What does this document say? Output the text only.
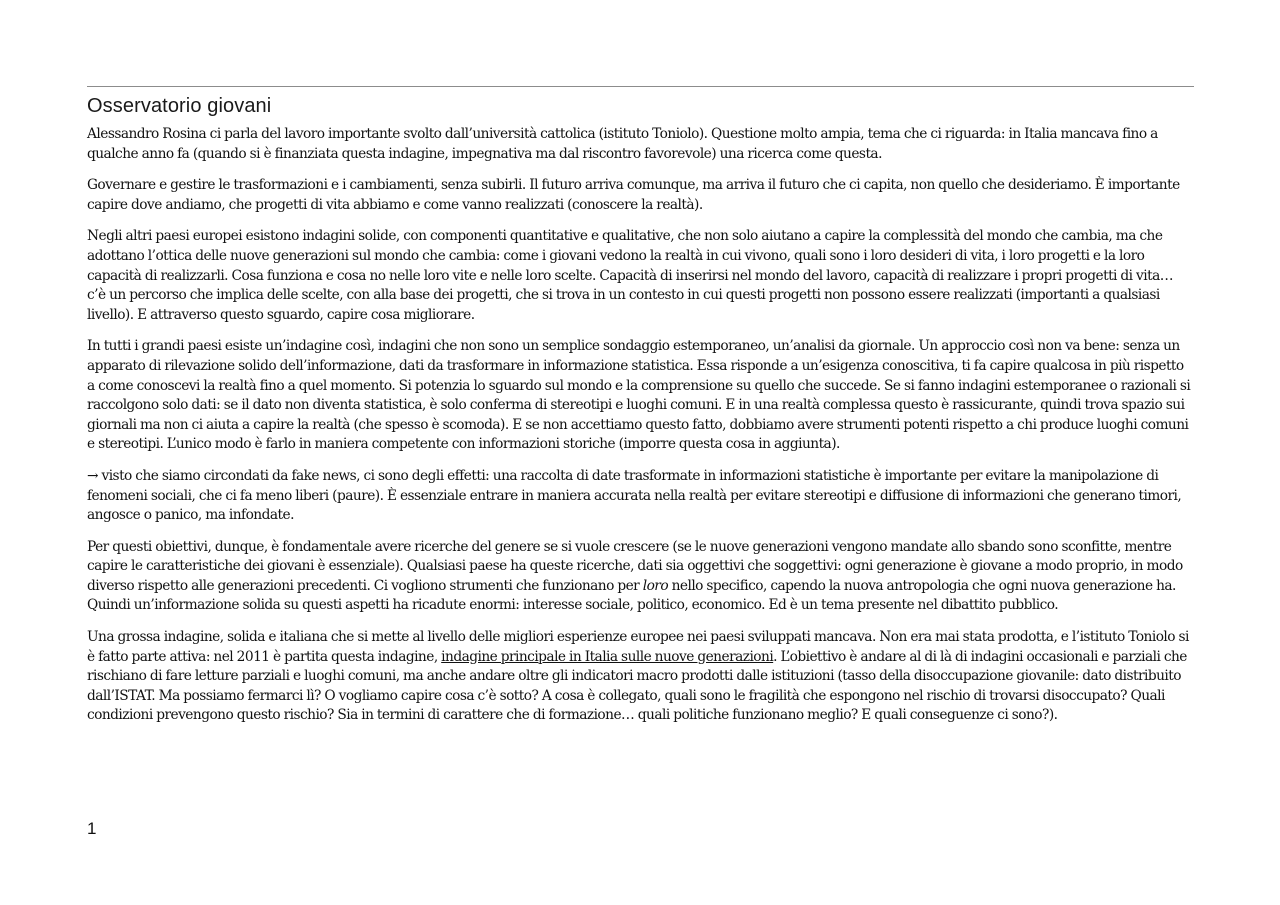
Osservatorio giovani

Alessandro Rosina ci parla del lavoro importante svolto dall’università cattolica (istituto Toniolo). Questione molto ampia, tema che ci riguarda: in Italia mancava fino a qualche anno fa (quando si è finanziata questa indagine, impegnativa ma dal riscontro favorevole) una ricerca come questa.

Governare e gestire le trasformazioni e i cambiamenti, senza subirli. Il futuro arriva comunque, ma arriva il futuro che ci capita, non quello che desideriamo. È importante capire dove andiamo, che progetti di vita abbiamo e come vanno realizzati (conoscere la realtà).

Negli altri paesi europei esistono indagini solide, con componenti quantitative e qualitative, che non solo aiutano a capire la complessità del mondo che cambia, ma che adottano l’ottica delle nuove generazioni sul mondo che cambia: come i giovani vedono la realtà in cui vivono, quali sono i loro desideri di vita, i loro progetti e la loro capacità di realizzarli. Cosa funziona e cosa no nelle loro vite e nelle loro scelte. Capacità di inserirsi nel mondo del lavoro, capacità di realizzare i propri progetti di vita… c’è un percorso che implica delle scelte, con alla base dei progetti, che si trova in un contesto in cui questi progetti non possono essere realizzati (importanti a qualsiasi livello). E attraverso questo sguardo, capire cosa migliorare.

In tutti i grandi paesi esiste un’indagine così, indagini che non sono un semplice sondaggio estemporaneo, un’analisi da giornale. Un approccio così non va bene: senza un apparato di rilevazione solido dell’informazione, dati da trasformare in informazione statistica. Essa risponde a un’esigenza conoscitiva, ti fa capire qualcosa in più rispetto a come conoscevi la realtà fino a quel momento. Si potenzia lo sguardo sul mondo e la comprensione su quello che succede. Se si fanno indagini estemporanee o razionali si raccolgono solo dati: se il dato non diventa statistica, è solo conferma di stereotipi e luoghi comuni. E in una realtà complessa questo è rassicurante, quindi trova spazio sui giornali ma non ci aiuta a capire la realtà (che spesso è scomoda). E se non accettiamo questo fatto, dobbiamo avere strumenti potenti rispetto a chi produce luoghi comuni e stereotipi. L’unico modo è farlo in maniera competente con informazioni storiche (imporre questa cosa in aggiunta).

→ visto che siamo circondati da fake news, ci sono degli effetti: una raccolta di date trasformate in informazioni statistiche è importante per evitare la manipolazione di fenomeni sociali, che ci fa meno liberi (paure). È essenziale entrare in maniera accurata nella realtà per evitare stereotipi e diffusione di informazioni che generano timori, angosce o panico, ma infondate.

Per questi obiettivi, dunque, è fondamentale avere ricerche del genere se si vuole crescere (se le nuove generazioni vengono mandate allo sbando sono sconfitte, mentre capire le caratteristiche dei giovani è essenziale). Qualsiasi paese ha queste ricerche, dati sia oggettivi che soggettivi: ogni generazione è giovane a modo proprio, in modo diverso rispetto alle generazioni precedenti. Ci vogliono strumenti che funzionano per loro nello specifico, capendo la nuova antropologia che ogni nuova generazione ha. Quindi un’informazione solida su questi aspetti ha ricadute enormi: interesse sociale, politico, economico. Ed è un tema presente nel dibattito pubblico.

Una grossa indagine, solida e italiana che si mette al livello delle migliori esperienze europee nei paesi sviluppati mancava. Non era mai stata prodotta, e l’istituto Toniolo si è fatto parte attiva: nel 2011 è partita questa indagine, indagine principale in Italia sulle nuove generazioni. L’obiettivo è andare al di là di indagini occasionali e parziali che rischiano di fare letture parziali e luoghi comuni, ma anche andare oltre gli indicatori macro prodotti dalle istituzioni (tasso della disoccupazione giovanile: dato distribuito dall’ISTAT. Ma possiamo fermarci lì? O vogliamo capire cosa c’è sotto? A cosa è collegato, quali sono le fragilità che espongono nel rischio di trovarsi disoccupato? Quali condizioni prevengono questo rischio? Sia in termini di carattere che di formazione… quali politiche funzionano meglio? E quali conseguenze ci sono?).

1
